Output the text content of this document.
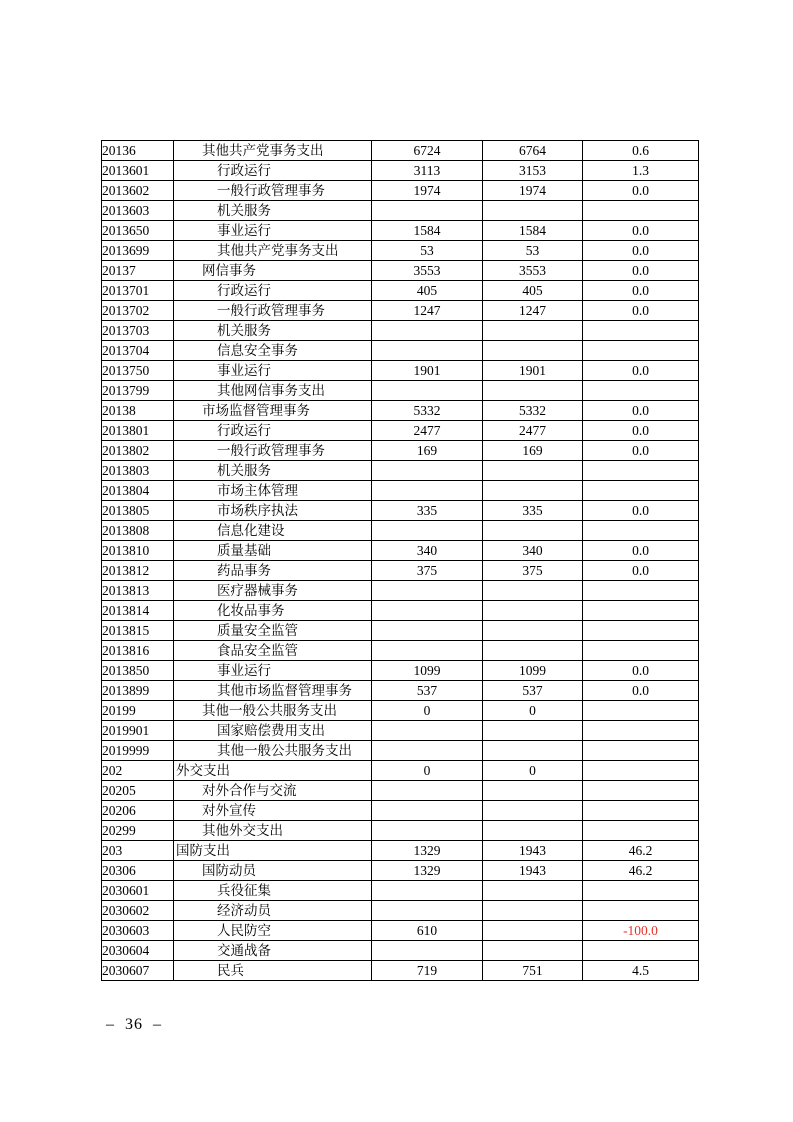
20136	其他共产党事务支出	6724	6764	0.6
2013601	行政运行	3113	3153	1.3
2013602	一般行政管理事务	1974	1974	0.0
2013603	机关服务			
2013650	事业运行	1584	1584	0.0
2013699	其他共产党事务支出	53	53	0.0
20137	网信事务	3553	3553	0.0
2013701	行政运行	405	405	0.0
2013702	一般行政管理事务	1247	1247	0.0
2013703	机关服务			
2013704	信息安全事务			
2013750	事业运行	1901	1901	0.0
2013799	其他网信事务支出			
20138	市场监督管理事务	5332	5332	0.0
2013801	行政运行	2477	2477	0.0
2013802	一般行政管理事务	169	169	0.0
2013803	机关服务			
2013804	市场主体管理			
2013805	市场秩序执法	335	335	0.0
2013808	信息化建设			
2013810	质量基础	340	340	0.0
2013812	药品事务	375	375	0.0
2013813	医疗器械事务			
2013814	化妆品事务			
2013815	质量安全监管			
2013816	食品安全监管			
2013850	事业运行	1099	1099	0.0
2013899	其他市场监督管理事务	537	537	0.0
20199	其他一般公共服务支出	0	0	
2019901	国家赔偿费用支出			
2019999	其他一般公共服务支出			
202	外交支出	0	0	
20205	对外合作与交流			
20206	对外宣传			
20299	其他外交支出			
203	国防支出	1329	1943	46.2
20306	国防动员	1329	1943	46.2
2030601	兵役征集			
2030602	经济动员			
2030603	人民防空	610		-100.0
2030604	交通战备			
2030607	民兵	719	751	4.5
– 36 –
